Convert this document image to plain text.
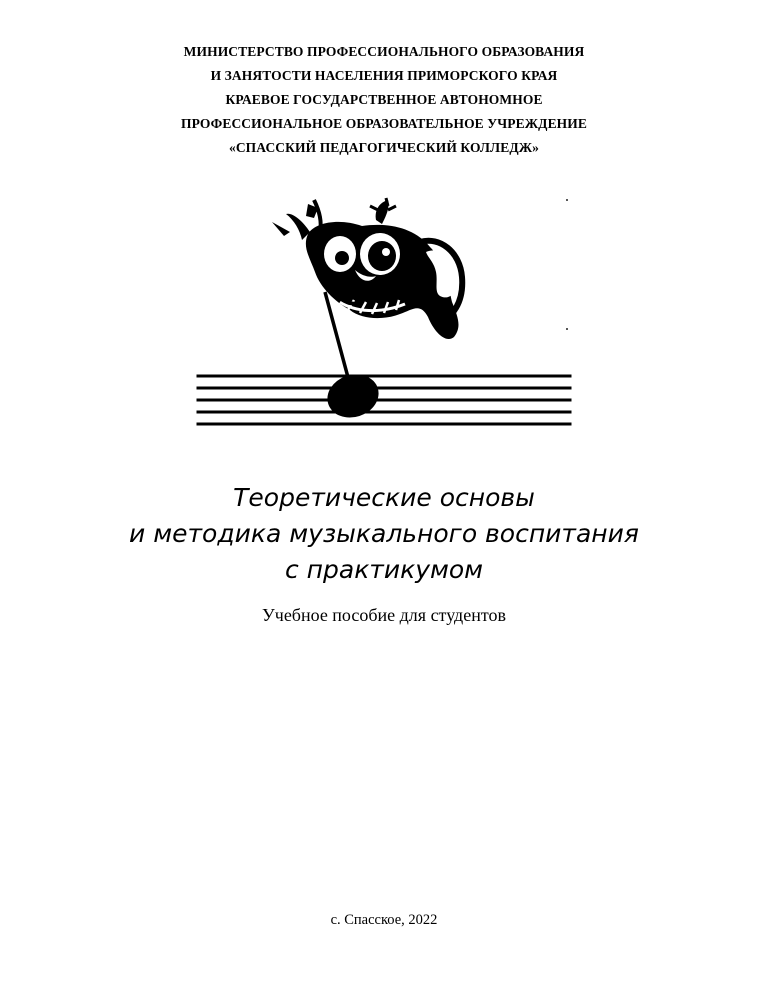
МИНИСТЕРСТВО ПРОФЕССИОНАЛЬНОГО ОБРАЗОВАНИЯ
И ЗАНЯТОСТИ НАСЕЛЕНИЯ ПРИМОРСКОГО КРАЯ
КРАЕВОЕ ГОСУДАРСТВЕННОЕ АВТОНОМНОЕ
ПРОФЕССИОНАЛЬНОЕ ОБРАЗОВАТЕЛЬНОЕ УЧРЕЖДЕНИЕ
«СПАССКИЙ ПЕДАГОГИЧЕСКИЙ КОЛЛЕДЖ»
Теоретические основы
и методика музыкального воспитания
с практикумом
Учебное пособие для студентов
с. Спасское, 2022
